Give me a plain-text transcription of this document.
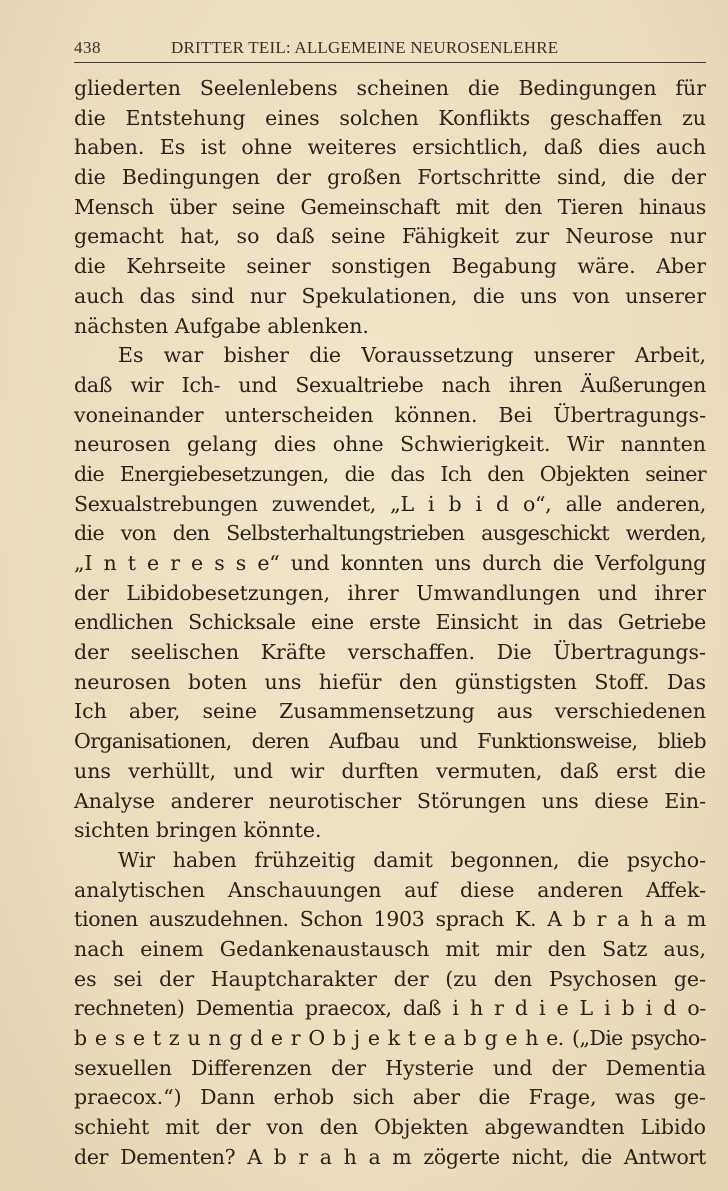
438	DRITTER TEIL: ALLGEMEINE NEUROSENLEHRE
gliederten Seelenlebens scheinen die Bedingungen für
die Entstehung eines solchen Konflikts geschaffen zu
haben. Es ist ohne weiteres ersichtlich, daß dies auch
die Bedingungen der großen Fortschritte sind, die der
Mensch über seine Gemeinschaft mit den Tieren hinaus
gemacht hat, so daß seine Fähigkeit zur Neurose nur
die Kehrseite seiner sonstigen Begabung wäre. Aber
auch das sind nur Spekulationen, die uns von unserer
nächsten Aufgabe ablenken.
Es war bisher die Voraussetzung unserer Arbeit,
daß wir Ich- und Sexualtriebe nach ihren Äußerungen
voneinander unterscheiden können. Bei Übertragungs-
neurosen gelang dies ohne Schwierigkeit. Wir nannten
die Energiebesetzungen, die das Ich den Objekten seiner
Sexualstrebungen zuwendet, „L i b i d o“, alle anderen,
die von den Selbsterhaltungstrieben ausgeschickt werden,
„I n t e r e s s e“ und konnten uns durch die Verfolgung
der Libidobesetzungen, ihrer Umwandlungen und ihrer
endlichen Schicksale eine erste Einsicht in das Getriebe
der seelischen Kräfte verschaffen. Die Übertragungs-
neurosen boten uns hiefür den günstigsten Stoff. Das
Ich aber, seine Zusammensetzung aus verschiedenen
Organisationen, deren Aufbau und Funktionsweise, blieb
uns verhüllt, und wir durften vermuten, daß erst die
Analyse anderer neurotischer Störungen uns diese Ein-
sichten bringen könnte.
Wir haben frühzeitig damit begonnen, die psycho-
analytischen Anschauungen auf diese anderen Affek-
tionen auszudehnen. Schon 1903 sprach K. A b r a h a m
nach einem Gedankenaustausch mit mir den Satz aus,
es sei der Hauptcharakter der (zu den Psychosen ge-
rechneten) Dementia praecox, daß i h r d i e L i b i d o-
b e s e t z u n g d e r O b j e k t e a b g e h e. („Die psycho-
sexuellen Differenzen der Hysterie und der Dementia
praecox.“) Dann erhob sich aber die Frage, was ge-
schieht mit der von den Objekten abgewandten Libido
der Dementen? A b r a h a m zögerte nicht, die Antwort
